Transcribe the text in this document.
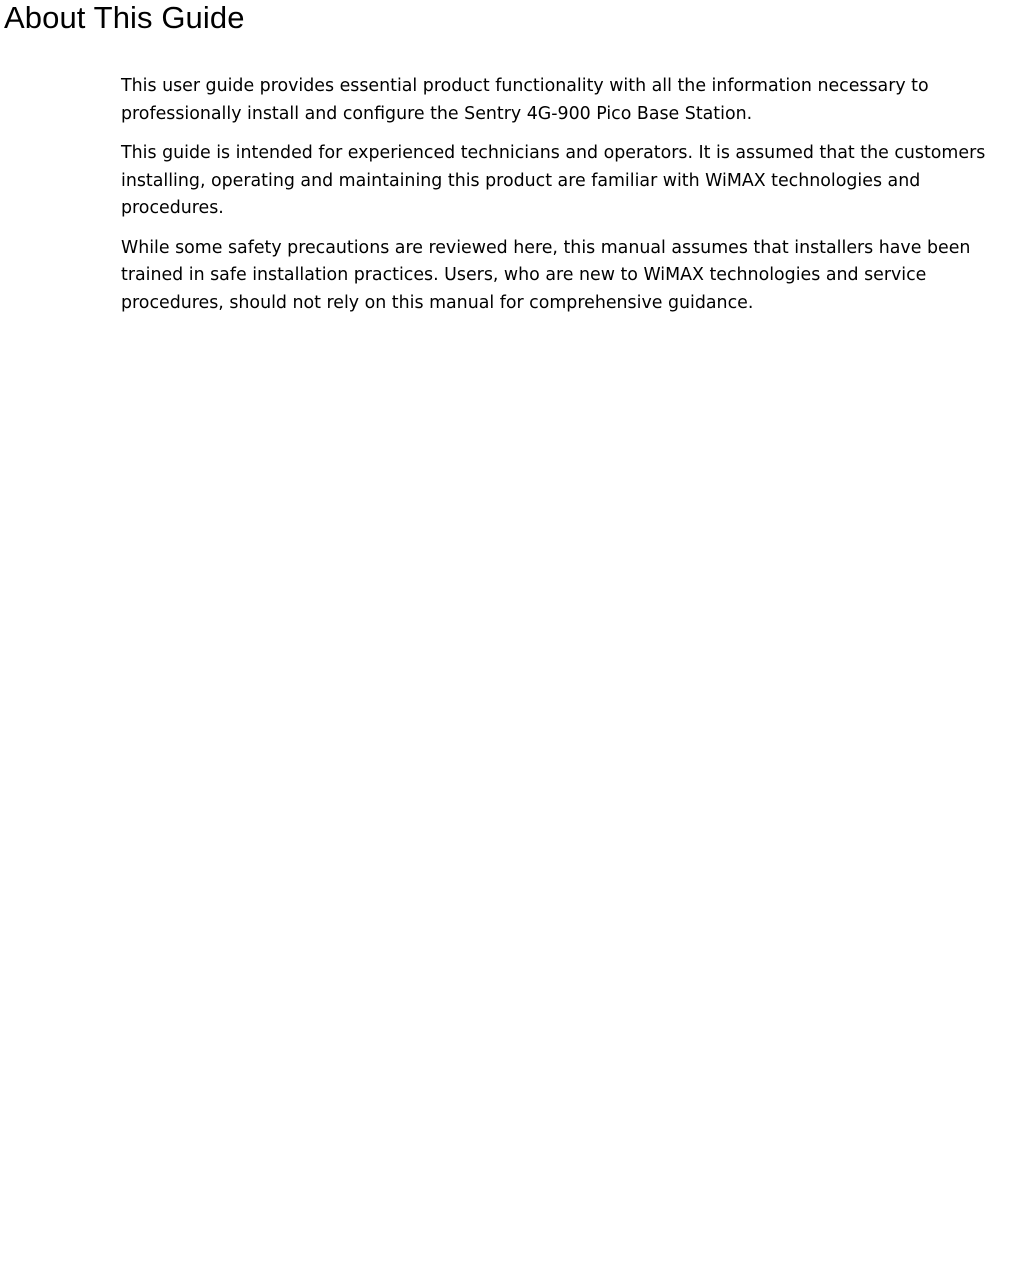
About This Guide

This user guide provides essential product functionality with all the information necessary to professionally install and configure the Sentry 4G-900 Pico Base Station.

This guide is intended for experienced technicians and operators. It is assumed that the customers installing, operating and maintaining this product are familiar with WiMAX technologies and procedures.

While some safety precautions are reviewed here, this manual assumes that installers have been trained in safe installation practices. Users, who are new to WiMAX technologies and service procedures, should not rely on this manual for comprehensive guidance.
